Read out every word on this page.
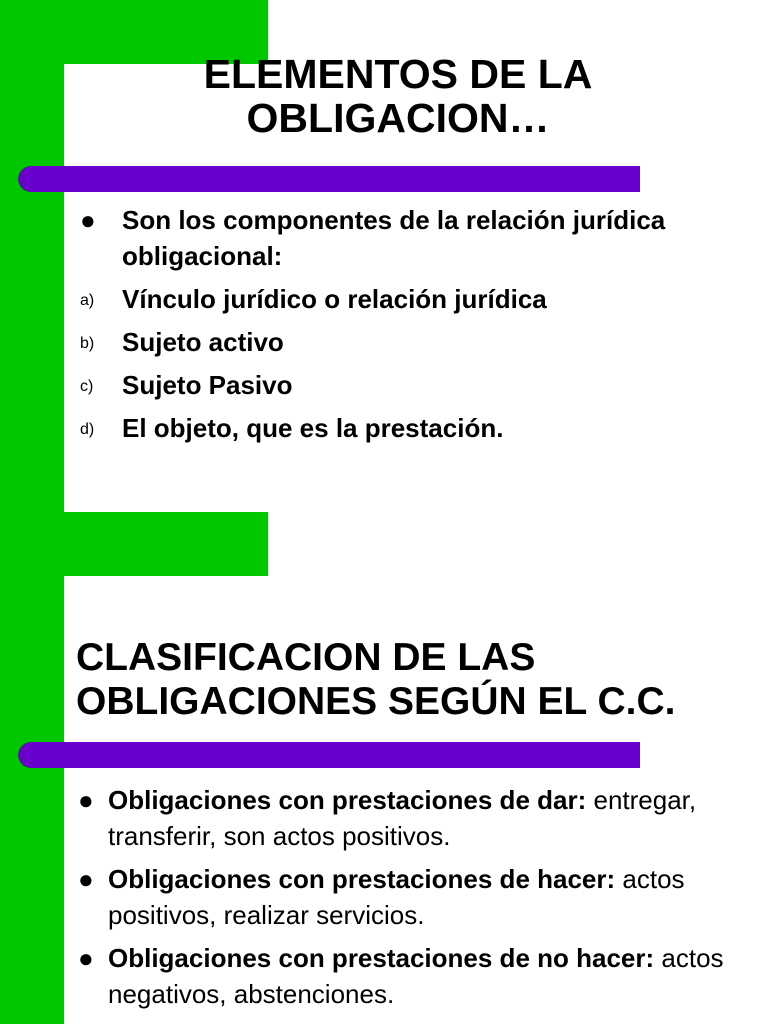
ELEMENTOS DE LA
OBLIGACION…
● Son los componentes de la relación jurídica obligacional:
a) Vínculo jurídico o relación jurídica
b) Sujeto activo
c) Sujeto Pasivo
d) El objeto, que es la prestación.
CLASIFICACION DE LAS
OBLIGACIONES SEGÚN EL C.C.
● Obligaciones con prestaciones de dar: entregar, transferir, son actos positivos.
● Obligaciones con prestaciones de hacer: actos positivos, realizar servicios.
● Obligaciones con prestaciones de no hacer: actos negativos, abstenciones.
